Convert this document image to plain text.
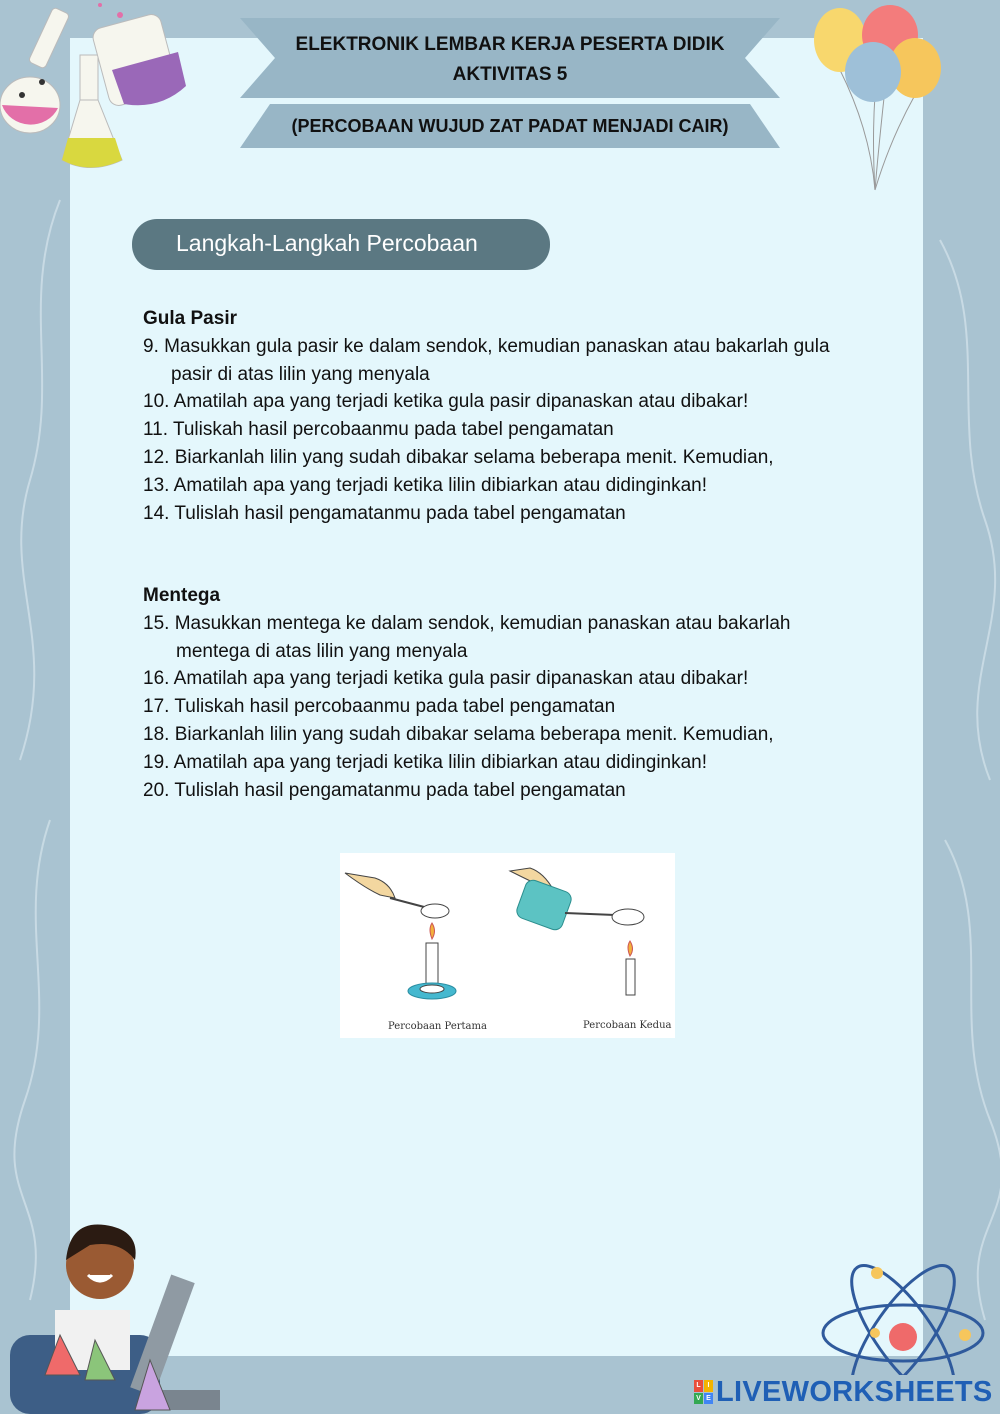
ELEKTRONIK LEMBAR KERJA PESERTA DIDIK
AKTIVITAS 5
(PERCOBAAN WUJUD ZAT PADAT MENJADI CAIR)
Langkah-Langkah Percobaan
Gula Pasir
9. Masukkan gula pasir ke dalam sendok, kemudian panaskan atau bakarlah gula
pasir di atas lilin yang menyala
10. Amatilah apa yang terjadi ketika gula pasir dipanaskan atau dibakar!
11. Tuliskah hasil percobaanmu pada tabel pengamatan
12. Biarkanlah lilin yang sudah dibakar selama beberapa menit. Kemudian,
13. Amatilah apa yang terjadi ketika lilin dibiarkan atau didinginkan!
14. Tulislah hasil pengamatanmu pada tabel pengamatan
Mentega
15. Masukkan mentega ke dalam sendok, kemudian panaskan atau bakarlah
mentega di atas lilin yang menyala
16. Amatilah apa yang terjadi ketika gula pasir dipanaskan atau dibakar!
17. Tuliskah hasil percobaanmu pada tabel pengamatan
18. Biarkanlah lilin yang sudah dibakar selama beberapa menit. Kemudian,
19. Amatilah apa yang terjadi ketika lilin dibiarkan atau didinginkan!
20. Tulislah hasil pengamatanmu pada tabel pengamatan
Percobaan Pertama	Percobaan Kedua
L I
V E LIVEWORKSHEETS
